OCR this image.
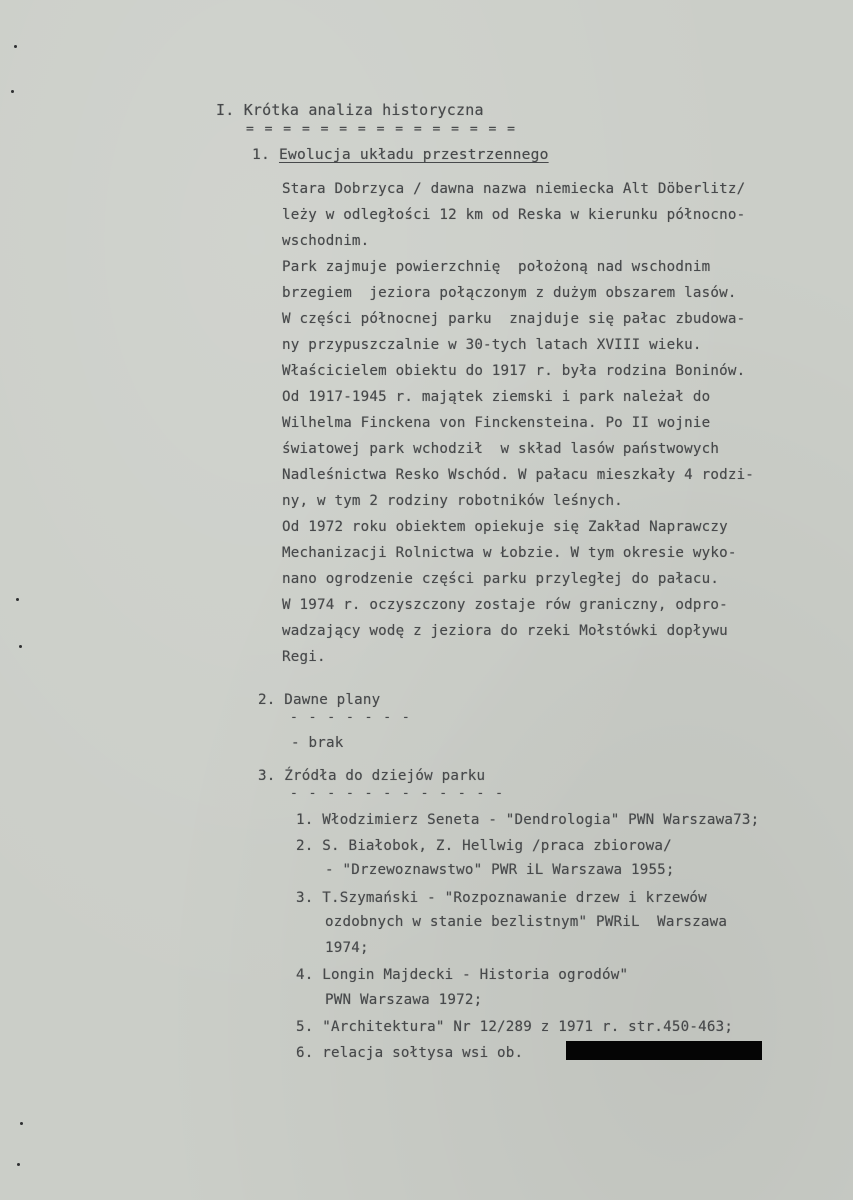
I. Krótka analiza historyczna
= = = = = = = = = = = = = = =
1. Ewolucja układu przestrzennego
Stara Dobrzyca / dawna nazwa niemiecka Alt Döberlitz/
leży w odległości 12 km od Reska w kierunku północno-
wschodnim.
Park zajmuje powierzchnię  położoną nad wschodnim
brzegiem  jeziora połączonym z dużym obszarem lasów.
W części północnej parku  znajduje się pałac zbudowa-
ny przypuszczalnie w 30-tych latach XVIII wieku.
Właścicielem obiektu do 1917 r. była rodzina Boninów.
Od 1917-1945 r. majątek ziemski i park należał do
Wilhelma Finckena von Finckensteina. Po II wojnie
światowej park wchodził  w skład lasów państwowych
Nadleśnictwa Resko Wschód. W pałacu mieszkały 4 rodzi-
ny, w tym 2 rodziny robotników leśnych.
Od 1972 roku obiektem opiekuje się Zakład Naprawczy
Mechanizacji Rolnictwa w Łobzie. W tym okresie wyko-
nano ogrodzenie części parku przyległej do pałacu.
W 1974 r. oczyszczony zostaje rów graniczny, odpro-
wadzający wodę z jeziora do rzeki Mołstówki dopływu
Regi.
2. Dawne plany
- - - - - - -
- brak
3. Źródła do dziejów parku
- - - - - - - - - - - -
1. Włodzimierz Seneta - "Dendrologia" PWN Warszawa73;
2. S. Białobok, Z. Hellwig /praca zbiorowa/
- "Drzewoznawstwo" PWR iL Warszawa 1955;
3. T.Szymański - "Rozpoznawanie drzew i krzewów
ozdobnych w stanie bezlistnym" PWRiL  Warszawa
1974;
4. Longin Majdecki - Historia ogrodów"
PWN Warszawa 1972;
5. "Architektura" Nr 12/289 z 1971 r. str.450-463;
6. relacja sołtysa wsi ob.
